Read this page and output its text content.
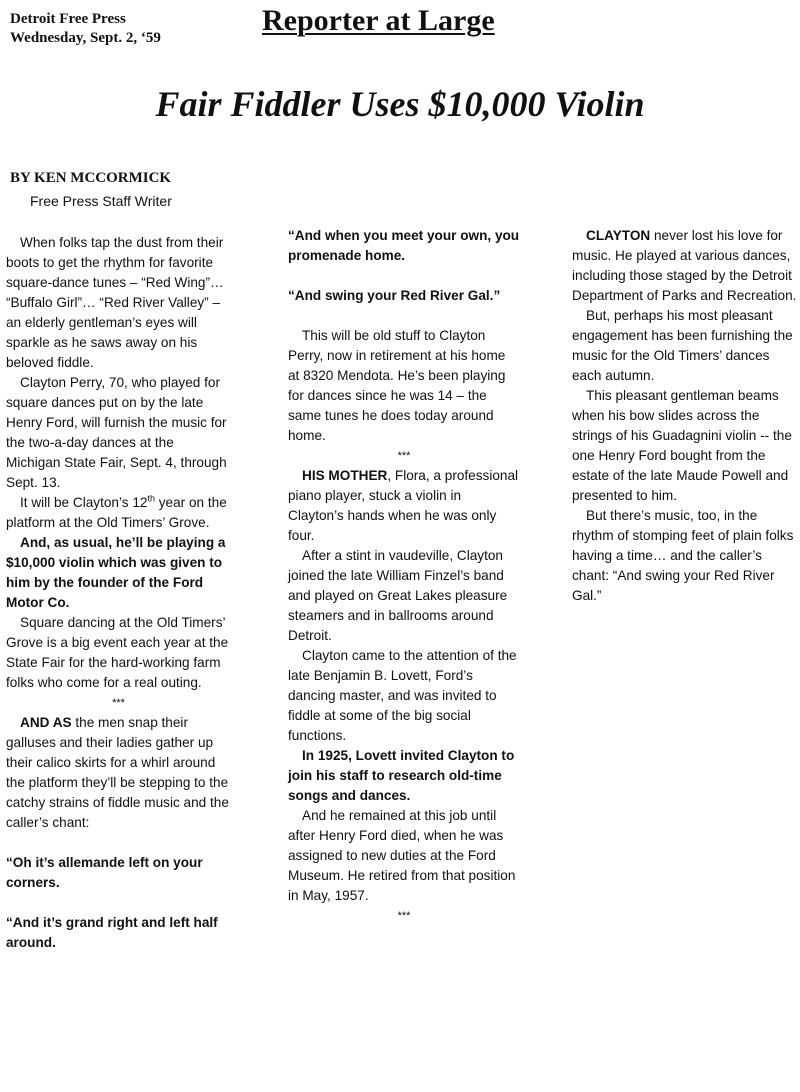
Detroit Free Press
Wednesday, Sept. 2, ‘59
Reporter at Large
Fair Fiddler Uses $10,000 Violin
BY KEN MCCORMICK
Free Press Staff Writer

When folks tap the dust from their boots to get the rhythm for favorite square-dance tunes – “Red Wing”… “Buffalo Girl”… “Red River Valley” – an elderly gentleman’s eyes will sparkle as he saws away on his beloved fiddle.

Clayton Perry, 70, who played for square dances put on by the late Henry Ford, will furnish the music for the two-a-day dances at the Michigan State Fair, Sept. 4, through Sept. 13.

It will be Clayton’s 12th year on the platform at the Old Timers’ Grove.

And, as usual, he’ll be playing a $10,000 violin which was given to him by the founder of the Ford Motor Co.

Square dancing at the Old Timers’ Grove is a big event each year at the State Fair for the hard-working farm folks who come for a real outing.

***

AND AS the men snap their galluses and their ladies gather up their calico skirts for a whirl around the platform they’ll be stepping to the catchy strains of fiddle music and the caller’s chant:

“Oh it’s allemande left on your corners.

“And it’s grand right and left half around.

“And when you meet your own, you promenade home.

“And swing your Red River Gal.”

This will be old stuff to Clayton Perry, now in retirement at his home at 8320 Mendota. He’s been playing for dances since he was 14 – the same tunes he does today around home.

***

HIS MOTHER, Flora, a professional piano player, stuck a violin in Clayton’s hands when he was only four.

After a stint in vaudeville, Clayton joined the late William Finzel’s band and played on Great Lakes pleasure steamers and in ballrooms around Detroit.

Clayton came to the attention of the late Benjamin B. Lovett, Ford’s dancing master, and was invited to fiddle at some of the big social functions.

In 1925, Lovett invited Clayton to join his staff to research old-time songs and dances.

And he remained at this job until after Henry Ford died, when he was assigned to new duties at the Ford Museum. He retired from that position in May, 1957.

***

CLAYTON never lost his love for music. He played at various dances, including those staged by the Detroit Department of Parks and Recreation.

But, perhaps his most pleasant engagement has been furnishing the music for the Old Timers’ dances each autumn.

This pleasant gentleman beams when his bow slides across the strings of his Guadagnini violin -- the one Henry Ford bought from the estate of the late Maude Powell and presented to him.

But there’s music, too, in the rhythm of stomping feet of plain folks having a time… and the caller’s chant: “And swing your Red River Gal.”
